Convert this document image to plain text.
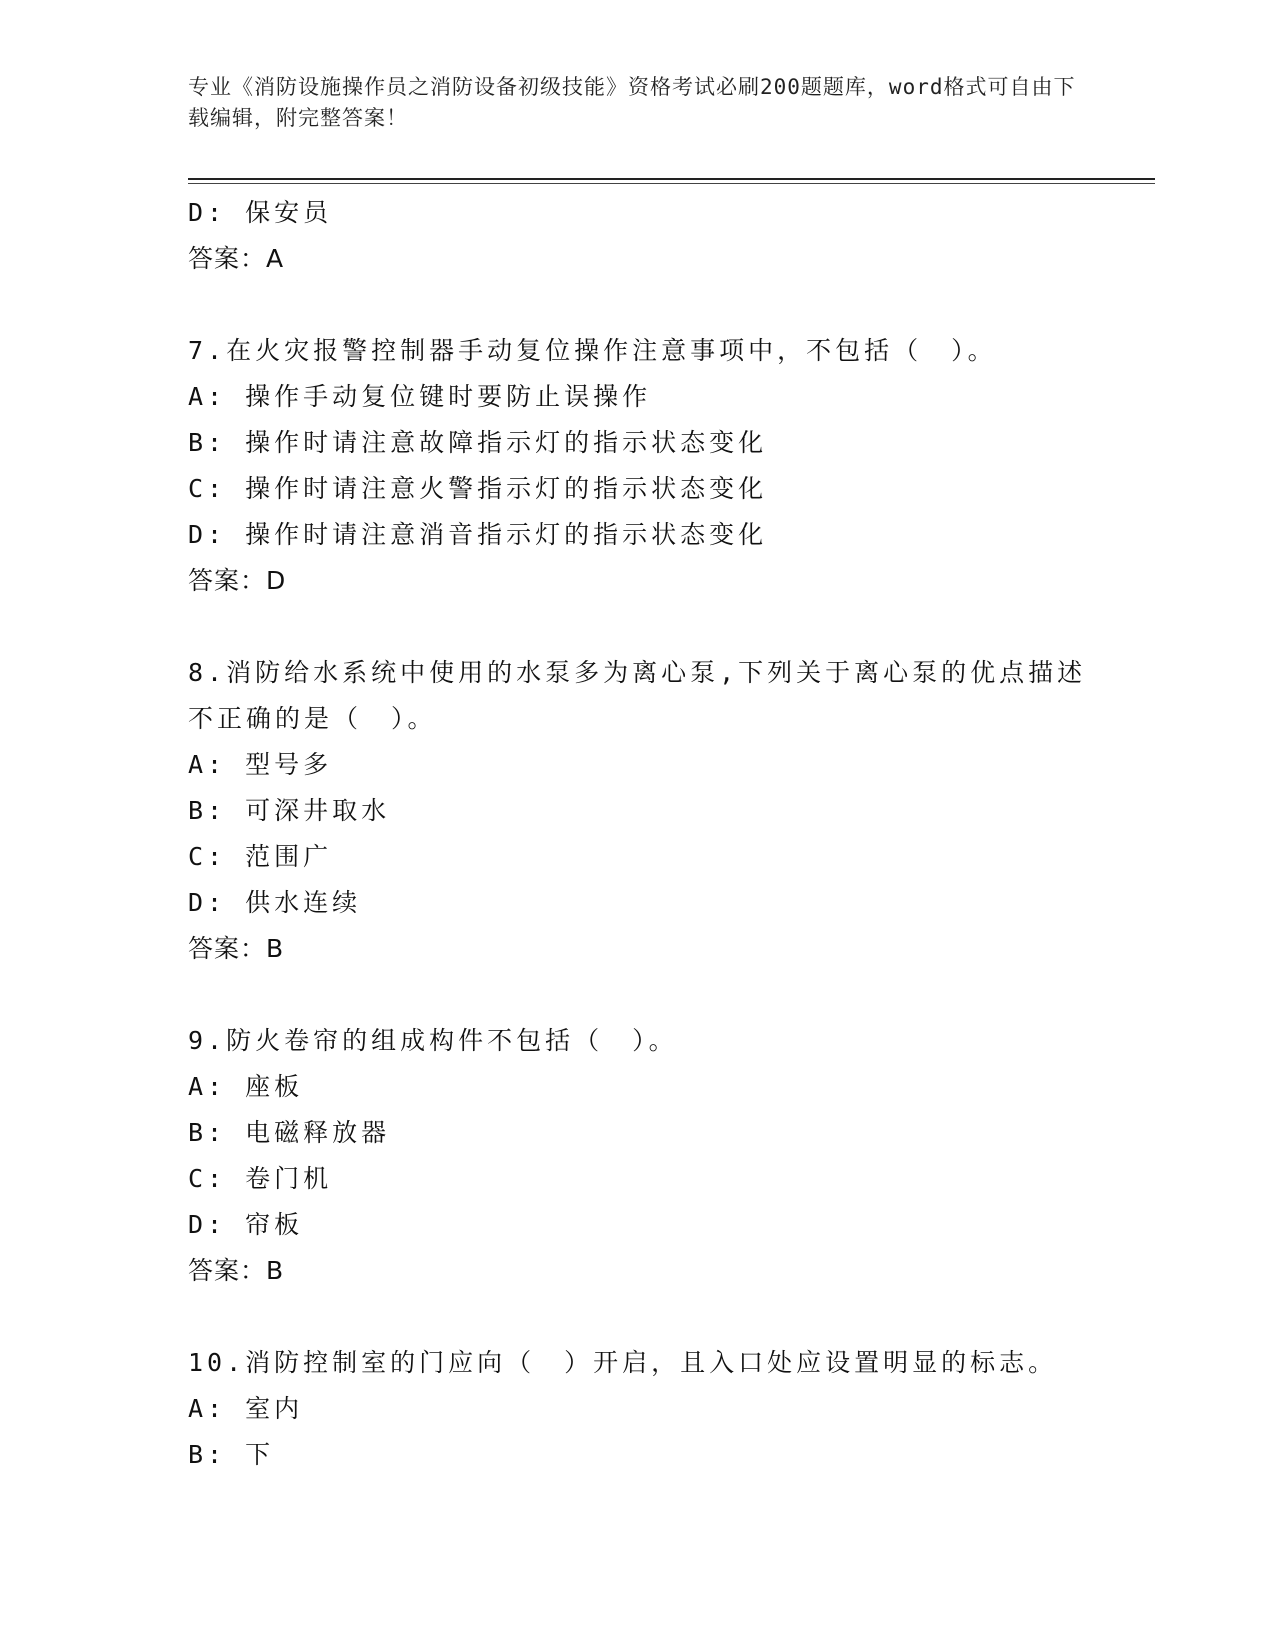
专业《消防设施操作员之消防设备初级技能》资格考试必刷200题题库，word格式可自由下载编辑，附完整答案！
D: 保安员
答案：A
7.在火灾报警控制器手动复位操作注意事项中，不包括（　）。
A: 操作手动复位键时要防止误操作
B: 操作时请注意故障指示灯的指示状态变化
C: 操作时请注意火警指示灯的指示状态变化
D: 操作时请注意消音指示灯的指示状态变化
答案：D
8.消防给水系统中使用的水泵多为离心泵,下列关于离心泵的优点描述不正确的是（　）。
A: 型号多
B: 可深井取水
C: 范围广
D: 供水连续
答案：B
9.防火卷帘的组成构件不包括（　）。
A: 座板
B: 电磁释放器
C: 卷门机
D: 帘板
答案：B
10.消防控制室的门应向（　）开启，且入口处应设置明显的标志。
A: 室内
B: 下
